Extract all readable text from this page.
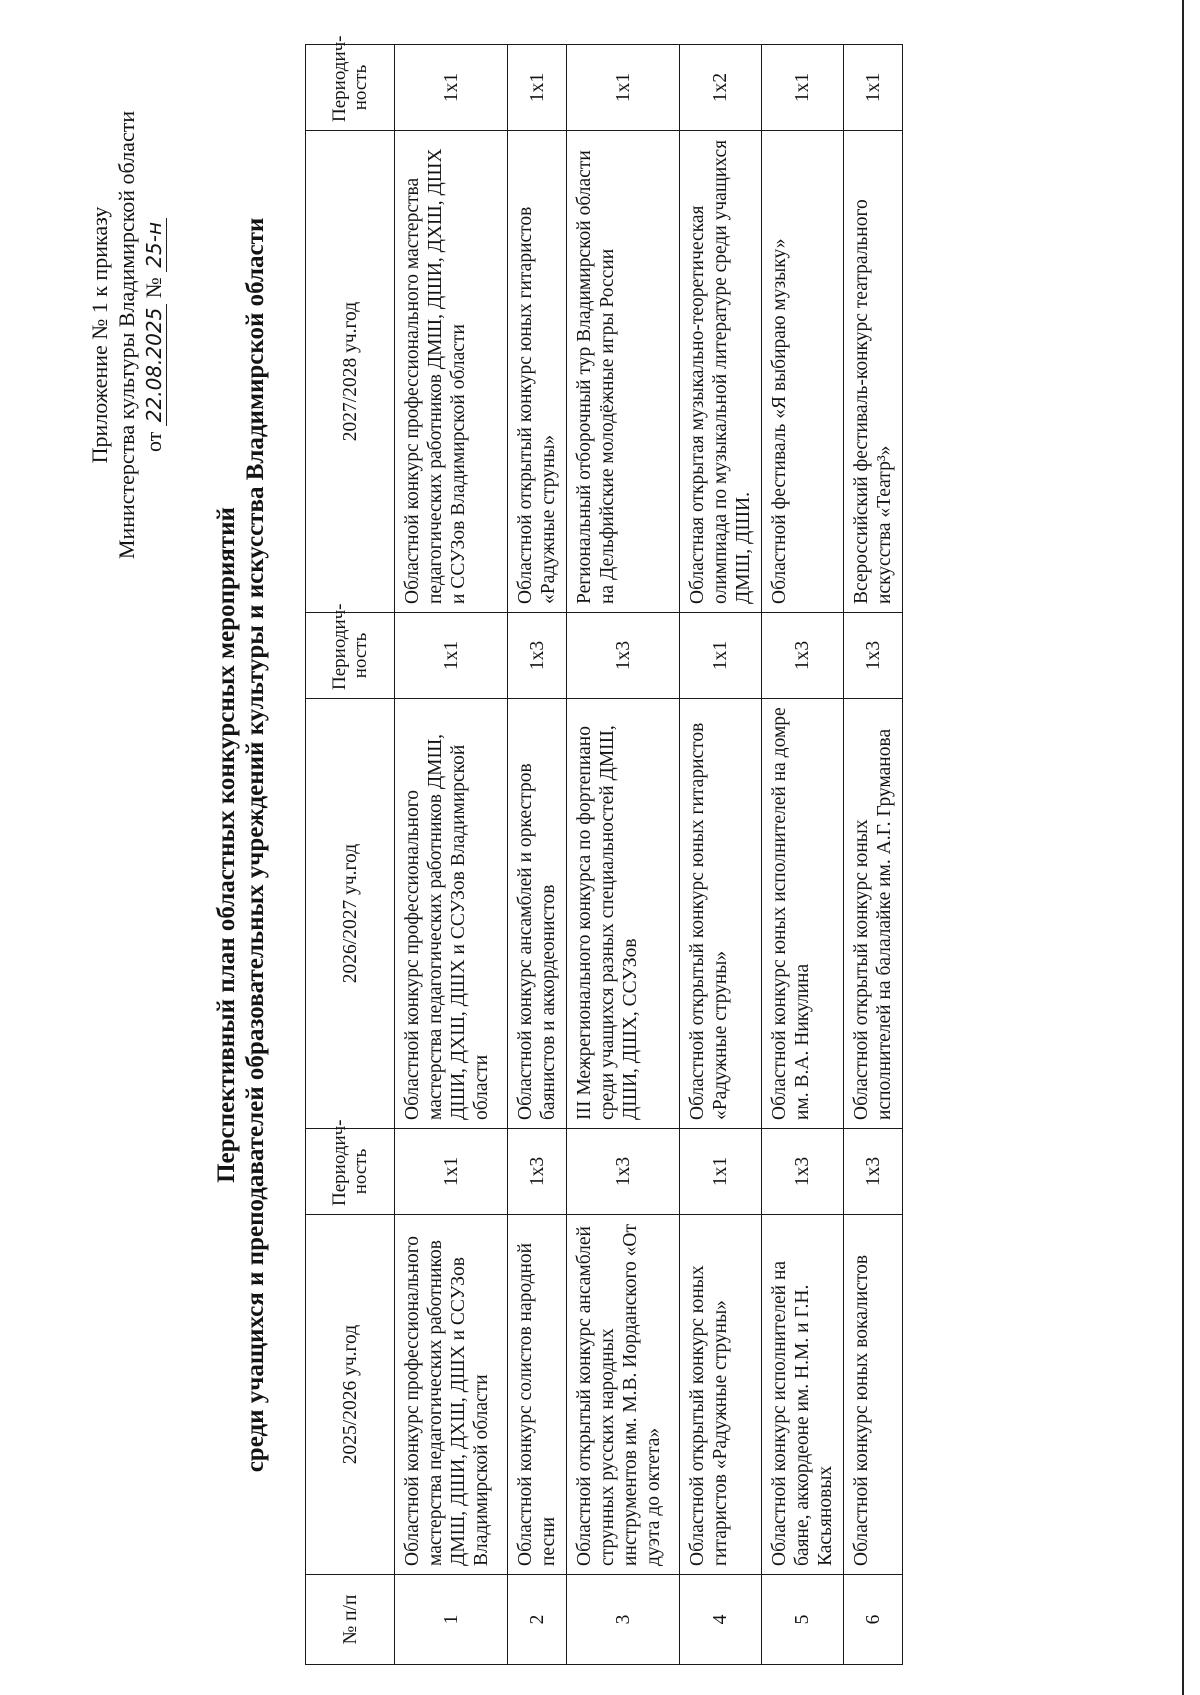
Приложение № 1 к приказу Министерства культуры Владимирской области от 22.08.2025 № 25-н
Перспективный план областных конкурсных мероприятий среди учащихся и преподавателей образовательных учреждений культуры и искусства Владимирской области
№ п/п	2025/2026 уч.год	Периодич-ность	2026/2027 уч.год	Периодич-ность	2027/2028 уч.год	Периодич-ность
1	Областной конкурс профессионального мастерства педагогических работников ДМШ, ДШИ, ДХШ, ДШХ и ССУЗов Владимирской области	1х1	Областной конкурс профессионального мастерства педагогических работников ДМШ, ДШИ, ДХШ, ДШХ и ССУЗов Владимирской области	1х1	Областной конкурс профессионального мастерства педагогических работников ДМШ, ДШИ, ДХШ, ДШХ и ССУЗов Владимирской области	1х1
2	Областной конкурс солистов народной песни	1х3	Областной конкурс ансамблей и оркестров баянистов и аккордеонистов	1х3	Областной открытый конкурс юных гитаристов «Радужные струны»	1х1
3	Областной открытый конкурс ансамблей струнных русских народных инструментов им. М.В. Иорданского «От дуэта до октета»	1х3	III Межрегионального конкурса по фортепиано среди учащихся разных специальностей ДМШ, ДШИ, ДШХ, ССУЗов	1х3	Региональный отборочный тур Владимирской области на Дельфийские молодёжные игры России	1х1
4	Областной открытый конкурс юных гитаристов «Радужные струны»	1х1	Областной открытый конкурс юных гитаристов «Радужные струны»	1х1	Областная открытая музыкально-теоретическая олимпиада по музыкальной литературе среди учащихся ДМШ, ДШИ.	1х2
5	Областной конкурс исполнителей на баяне, аккордеоне им. Н.М. и Г.Н. Касьяновых	1х3	Областной конкурс юных исполнителей на домре им. В.А. Никулина	1х3	Областной фестиваль «Я выбираю музыку»	1х1
6	Областной конкурс юных вокалистов	1х3	Областной открытый конкурс юных исполнителей на балалайке им. А.Г. Груманова	1х3	Всероссийский фестиваль-конкурс театрального искусства «Театр³»	1х1
